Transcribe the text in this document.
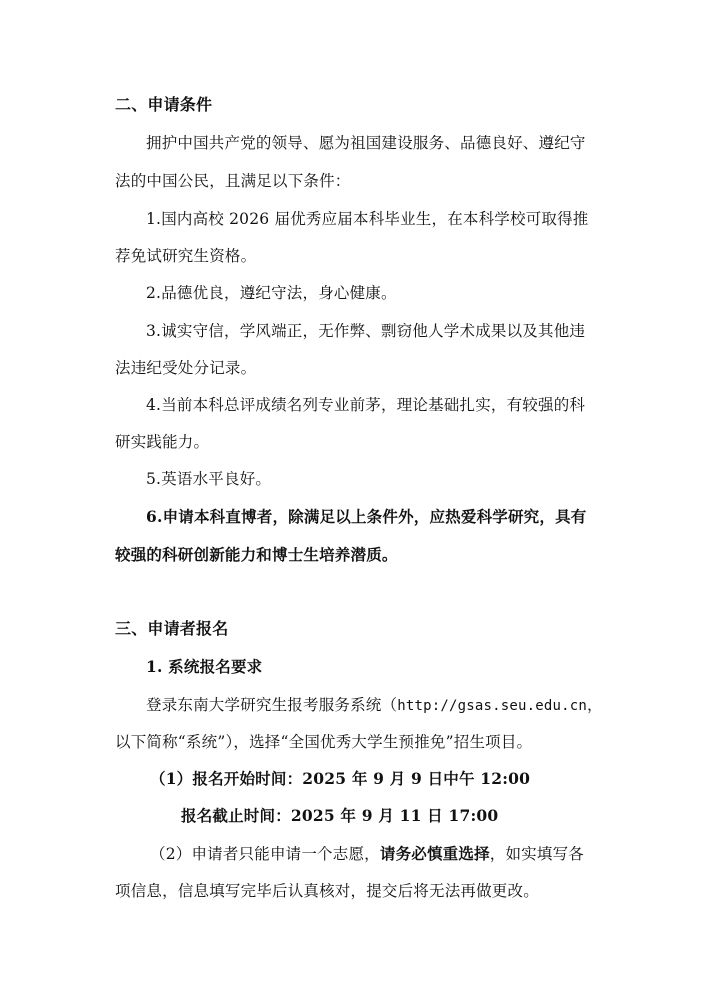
二、申请条件
拥护中国共产党的领导、愿为祖国建设服务、品德良好、遵纪守
法的中国公民，且满足以下条件：
1.国内高校 2026 届优秀应届本科毕业生，在本科学校可取得推
荐免试研究生资格。
2.品德优良，遵纪守法，身心健康。
3.诚实守信，学风端正，无作弊、剽窃他人学术成果以及其他违
法违纪受处分记录。
4.当前本科总评成绩名列专业前茅，理论基础扎实，有较强的科
研实践能力。
5.英语水平良好。
6.申请本科直博者，除满足以上条件外，应热爱科学研究，具有
较强的科研创新能力和博士生培养潜质。
三、申请者报名
1. 系统报名要求
登录东南大学研究生报考服务系统（http://gsas.seu.edu.cn，
以下简称“系统”），选择“全国优秀大学生预推免”招生项目。
（1）报名开始时间：2025 年 9 月 9 日中午 12:00
报名截止时间：2025 年 9 月 11 日 17:00
（2）申请者只能申请一个志愿，请务必慎重选择，如实填写各
项信息，信息填写完毕后认真核对，提交后将无法再做更改。
